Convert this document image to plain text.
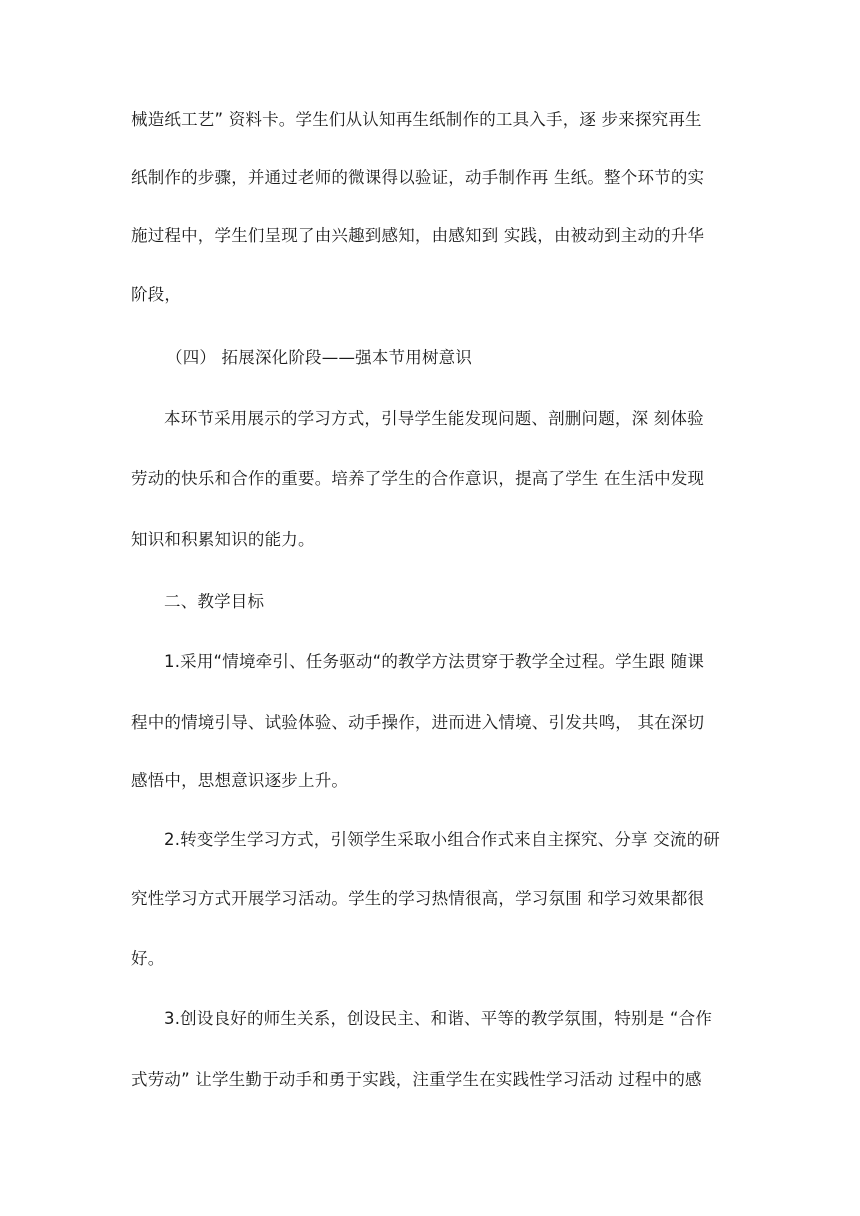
械造纸工艺” 资料卡。学生们从认知再生纸制作的工具入手，逐 步来探究再生
纸制作的步骤，并通过老师的微课得以验证，动手制作再 生纸。整个环节的实
施过程中，学生们呈现了由兴趣到感知，由感知到 实践，由被动到主动的升华
阶段，
（四） 拓展深化阶段——强本节用树意识
本环节采用展示的学习方式，引导学生能发现问题、剖删问题，深 刻体验
劳动的快乐和合作的重要。培养了学生的合作意识，提高了学生 在生活中发现
知识和积累知识的能力。
二、教学目标
1.采用“情境牵引、任务驱动“的教学方法贯穿于教学全过程。学生跟 随课
程中的情境引导、试验体验、动手操作，进而进入情境、引发共鸣， 其在深切
感悟中，思想意识逐步上升。
2.转变学生学习方式，引领学生采取小组合作式来自主探究、分享 交流的研
究性学习方式开展学习活动。学生的学习热情很高，学习氛围 和学习效果都很
好。
3.创设良好的师生关系，创设民主、和谐、平等的教学氛围，特别是 “合作
式劳动” 让学生勤于动手和勇于实践，注重学生在实践性学习活动 过程中的感
